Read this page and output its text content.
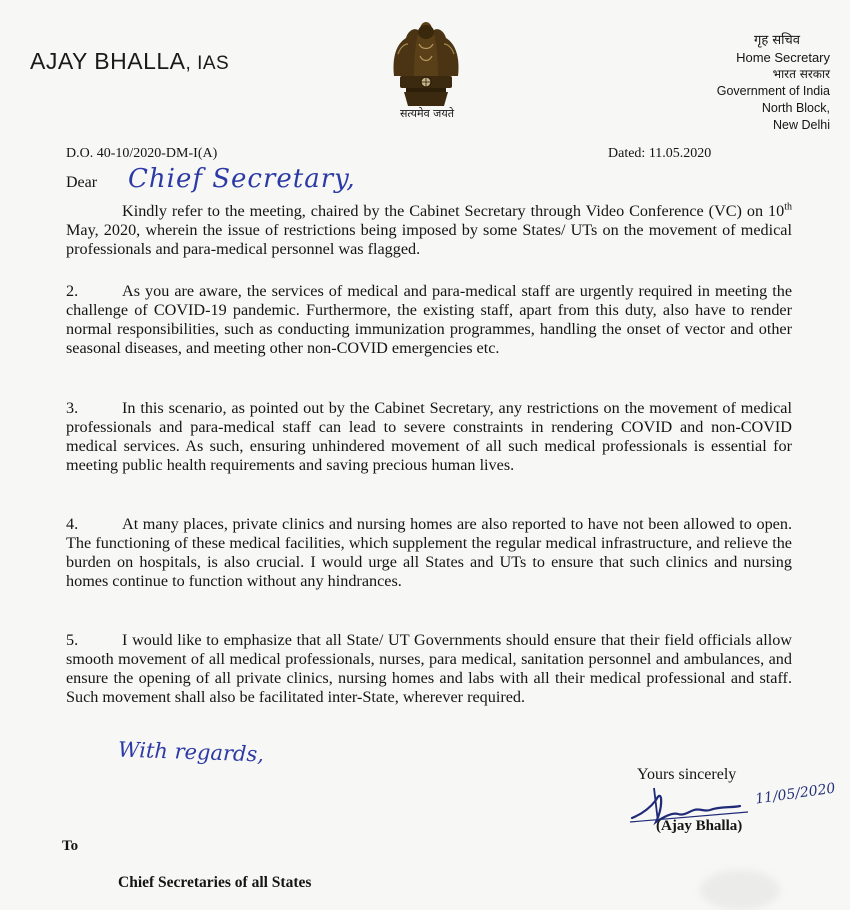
AJAY BHALLA, IAS
सत्यमेव जयते
गृह सचिव
Home Secretary
भारत सरकार
Government of India
North Block,
New Delhi
D.O. 40-10/2020-DM-I(A)	Dated: 11.05.2020
Dear Chief Secretary,
Kindly refer to the meeting, chaired by the Cabinet Secretary through Video Conference (VC) on 10th May, 2020, wherein the issue of restrictions being imposed by some States/ UTs on the movement of medical professionals and para-medical personnel was flagged.
2.	As you are aware, the services of medical and para-medical staff are urgently required in meeting the challenge of COVID-19 pandemic. Furthermore, the existing staff, apart from this duty, also have to render normal responsibilities, such as conducting immunization programmes, handling the onset of vector and other seasonal diseases, and meeting other non-COVID emergencies etc.
3.	In this scenario, as pointed out by the Cabinet Secretary, any restrictions on the movement of medical professionals and para-medical staff can lead to severe constraints in rendering COVID and non-COVID medical services. As such, ensuring unhindered movement of all such medical professionals is essential for meeting public health requirements and saving precious human lives.
4.	At many places, private clinics and nursing homes are also reported to have not been allowed to open. The functioning of these medical facilities, which supplement the regular medical infrastructure, and relieve the burden on hospitals, is also crucial. I would urge all States and UTs to ensure that such clinics and nursing homes continue to function without any hindrances.
5.	I would like to emphasize that all State/ UT Governments should ensure that their field officials allow smooth movement of all medical professionals, nurses, para medical, sanitation personnel and ambulances, and ensure the opening of all private clinics, nursing homes and labs with all their medical professional and staff. Such movement shall also be facilitated inter-State, wherever required.
With regards,
Yours sincerely
11/05/2020
(Ajay Bhalla)
To
Chief Secretaries of all States
